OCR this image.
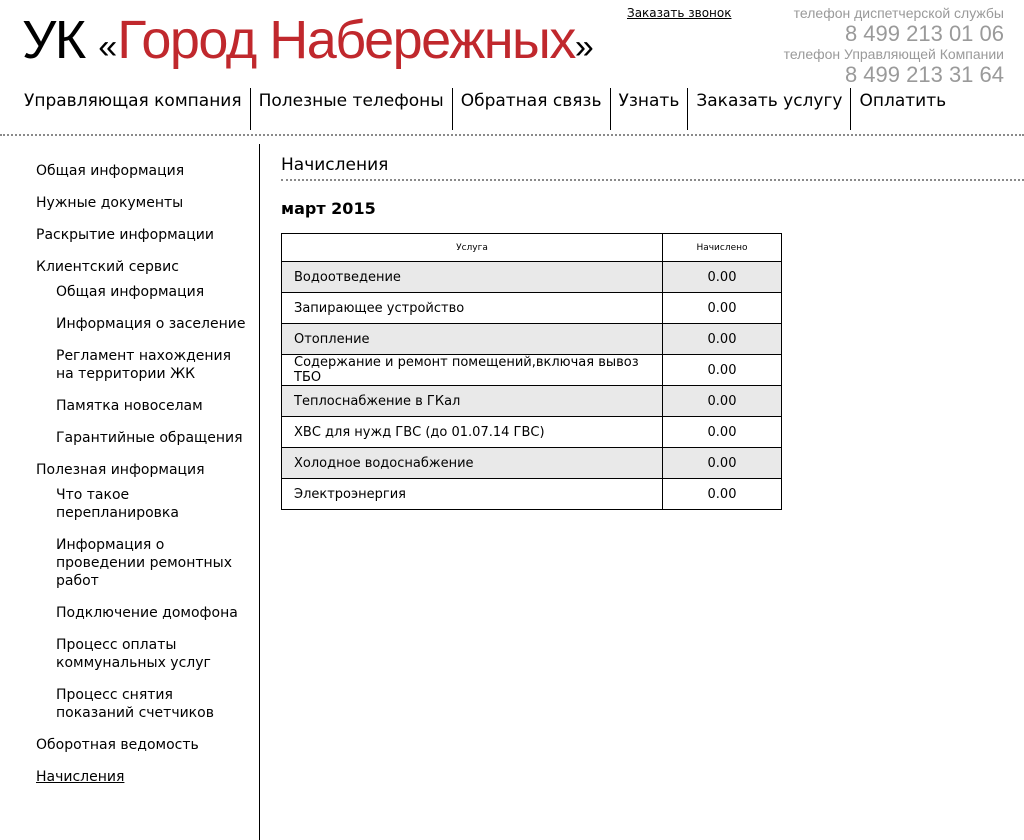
УК «Город Набережных»
Заказать звонок	телефон диспетчерской службы
8 499 213 01 06
телефон Управляющей Компании
8 499 213 31 64
Управляющая компания	Полезные телефоны	Обратная связь	Узнать	Заказать услугу	Оплатить
Общая информация
Нужные документы
Раскрытие информации
Клиентский сервис
Общая информация
Информация о заселение
Регламент нахождения на территории ЖК
Памятка новоселам
Гарантийные обращения
Полезная информация
Что такое перепланировка
Информация о проведении ремонтных работ
Подключение домофона
Процесс оплаты коммунальных услуг
Процесс снятия показаний счетчиков
Оборотная ведомость
Начисления
Начисления
март 2015
Услуга	Начислено
Водоотведение	0.00
Запирающее устройство	0.00
Отопление	0.00
Содержание и ремонт помещений,включая вывоз ТБО	0.00
Теплоснабжение в ГКал	0.00
ХВС для нужд ГВС (до 01.07.14 ГВС)	0.00
Холодное водоснабжение	0.00
Электроэнергия	0.00
